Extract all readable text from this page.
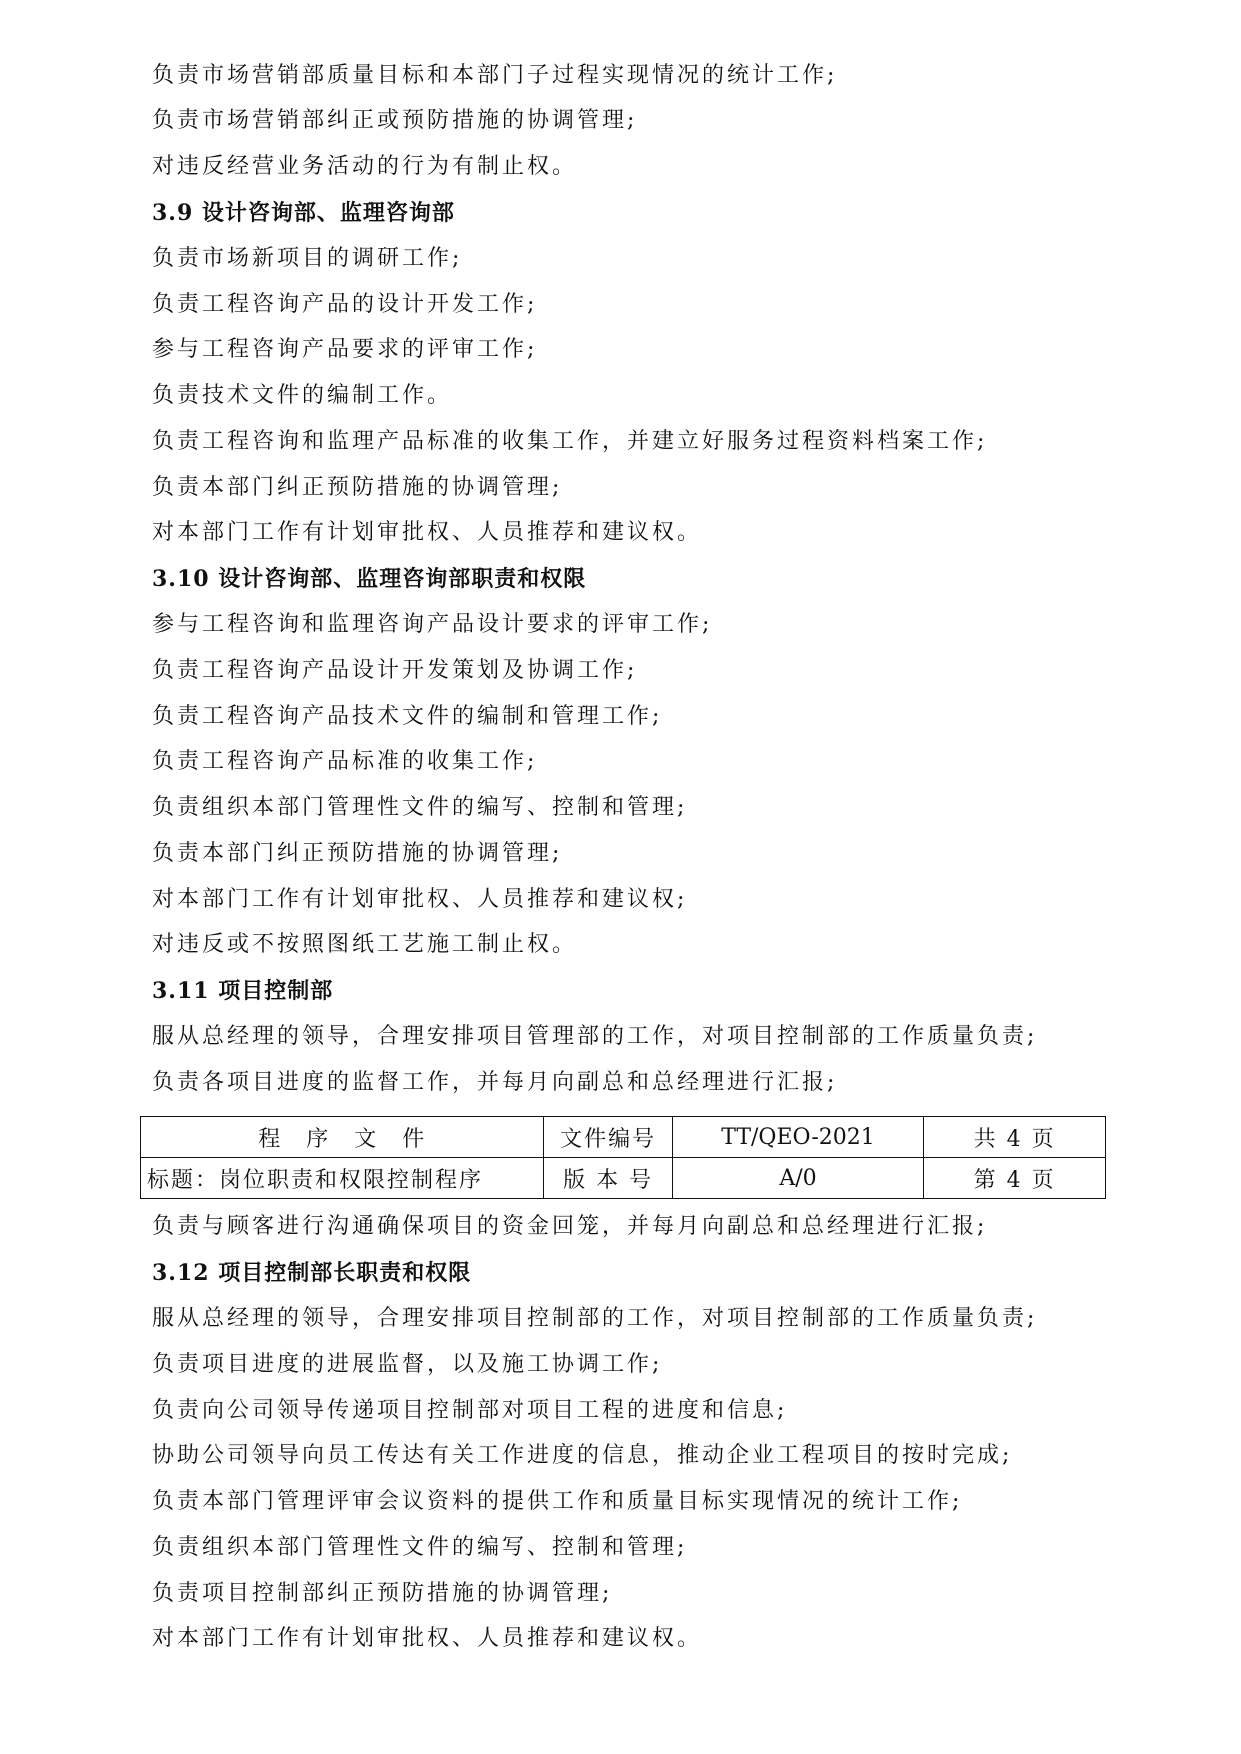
负责市场营销部质量目标和本部门子过程实现情况的统计工作;
负责市场营销部纠正或预防措施的协调管理;
对违反经营业务活动的行为有制止权。
3.9 设计咨询部、监理咨询部
负责市场新项目的调研工作;
负责工程咨询产品的设计开发工作;
参与工程咨询产品要求的评审工作;
负责技术文件的编制工作。
负责工程咨询和监理产品标准的收集工作，并建立好服务过程资料档案工作;
负责本部门纠正预防措施的协调管理;
对本部门工作有计划审批权、人员推荐和建议权。
3.10 设计咨询部、监理咨询部职责和权限
参与工程咨询和监理咨询产品设计要求的评审工作;
负责工程咨询产品设计开发策划及协调工作;
负责工程咨询产品技术文件的编制和管理工作;
负责工程咨询产品标准的收集工作;
负责组织本部门管理性文件的编写、控制和管理;
负责本部门纠正预防措施的协调管理;
对本部门工作有计划审批权、人员推荐和建议权;
对违反或不按照图纸工艺施工制止权。
3.11 项目控制部
服从总经理的领导，合理安排项目管理部的工作，对项目控制部的工作质量负责;
负责各项目进度的监督工作，并每月向副总和总经理进行汇报;
程　序　文　件	文件编号	TT/QEO-2021	共 4 页
标题：岗位职责和权限控制程序	版 本 号	A/0	第 4 页
负责与顾客进行沟通确保项目的资金回笼，并每月向副总和总经理进行汇报;
3.12 项目控制部长职责和权限
服从总经理的领导，合理安排项目控制部的工作，对项目控制部的工作质量负责;
负责项目进度的进展监督，以及施工协调工作;
负责向公司领导传递项目控制部对项目工程的进度和信息;
协助公司领导向员工传达有关工作进度的信息，推动企业工程项目的按时完成;
负责本部门管理评审会议资料的提供工作和质量目标实现情况的统计工作;
负责组织本部门管理性文件的编写、控制和管理;
负责项目控制部纠正预防措施的协调管理;
对本部门工作有计划审批权、人员推荐和建议权。
